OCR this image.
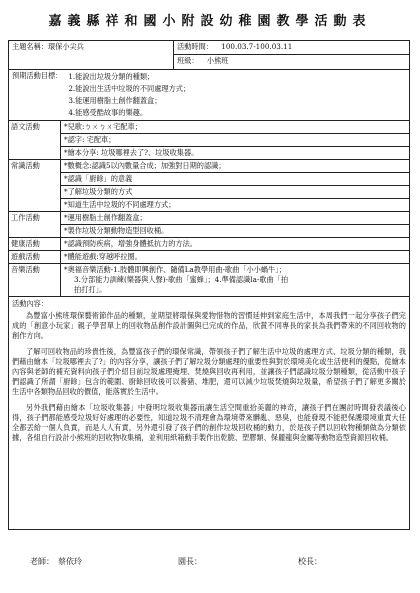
嘉義縣祥和國小附設幼稚園教學活動表
主題名稱： 環保小尖兵	活動時間： 100.03.7-100.03.11
班級： 小熊班
預期活動目標： 1.能說出垃圾分類的種類；
2.能說出生活中垃圾的不同處理方式；
3.能運用樹脂土創作翻蓋盒；
4.能感受酷故事的樂趣。
語文活動	*兒歌:ㄅㄨㄅㄨ宅配車；
*認字: 宅配車；
*繪本分享: 垃圾哪裡去了?、垃圾收集器。
常識活動	*數概念:認識5以內數量合成；加強對日期的認識；
*認識「廚餘」的意義
*了解垃圾分類的方式
*知道生活中垃圾的不同處理方式；
工作活動	*運用樹脂土創作翻蓋盒；
*製作垃圾分類動物造型回收桶。
健康活動	*認識預防疾病，增強身體抵抗力的方法。
遊戲活動	*體能遊戲:穿越呼拉圈。
音樂活動	*奧福音樂活動-1.肢體即興創作、隨備La教學用曲-歌曲「小小蝸牛」；
3.分部能力訓練(樂器與人聲)-歌曲「蜜蜂」；4.準備認識la-歌曲「拍
拍打打」。
活動內容：

為豐富小熊班環保藝術節作品的種類，並期望將環保與愛物惜物的習慣延伸到家庭生活中，本周我們一起分享孩子們完成的「創意小玩家」親子學習單上的回收物品創作設計圖與已完成的作品，欣賞不同專長的家長為我們帶來的不同回收物的創作方向。

了解可回收物品的珍貴性後，為豐富孩子們的環保常識，帶領孩子們了解生活中垃圾的處理方式、垃圾分類的種類，我們藉由繪本「垃圾哪裡去了?」的內容分享，讓孩子們了解垃圾分類處理的重要性與對於環境美化或生活便利的優點，從繪本內容與老師的補充資料向孩子們介紹目前垃圾處理掩埋、焚燒與回收再利用，並讓孩子們認識垃圾分類種類，從活動中孩子們認識了所謂「廚餘」包含的範圍、廚餘回收後可以養豬、堆肥，還可以減少垃圾焚燒與垃圾量，希望孩子們了解更多關於生活中各類物品回收的價值，能落實於生活中。

另外我們藉由繪本「垃圾收集器」中發明垃圾收集器而讓生活空間重拾美麗的神奇，讓孩子們在團討時間發表議後心得，孩子們都能感受垃圾好好處理的必要性，知道垃圾不清理會為環境帶來髒亂、惡臭，也能發現不能把保護環境重責大任全都丟給一個人負責，而是人人有責，另外還引發了孩子們的創作垃圾回收桶的動力，於是孩子們以回收物種類做為分類依據，各組自行設計小熊班的回收物收集桶，並利用紙箱動手製作出乾脆、塑膠類、保麗龍與金屬等動物造型資源回收桶。

老師： 蔡依玲	園長：	校長：
